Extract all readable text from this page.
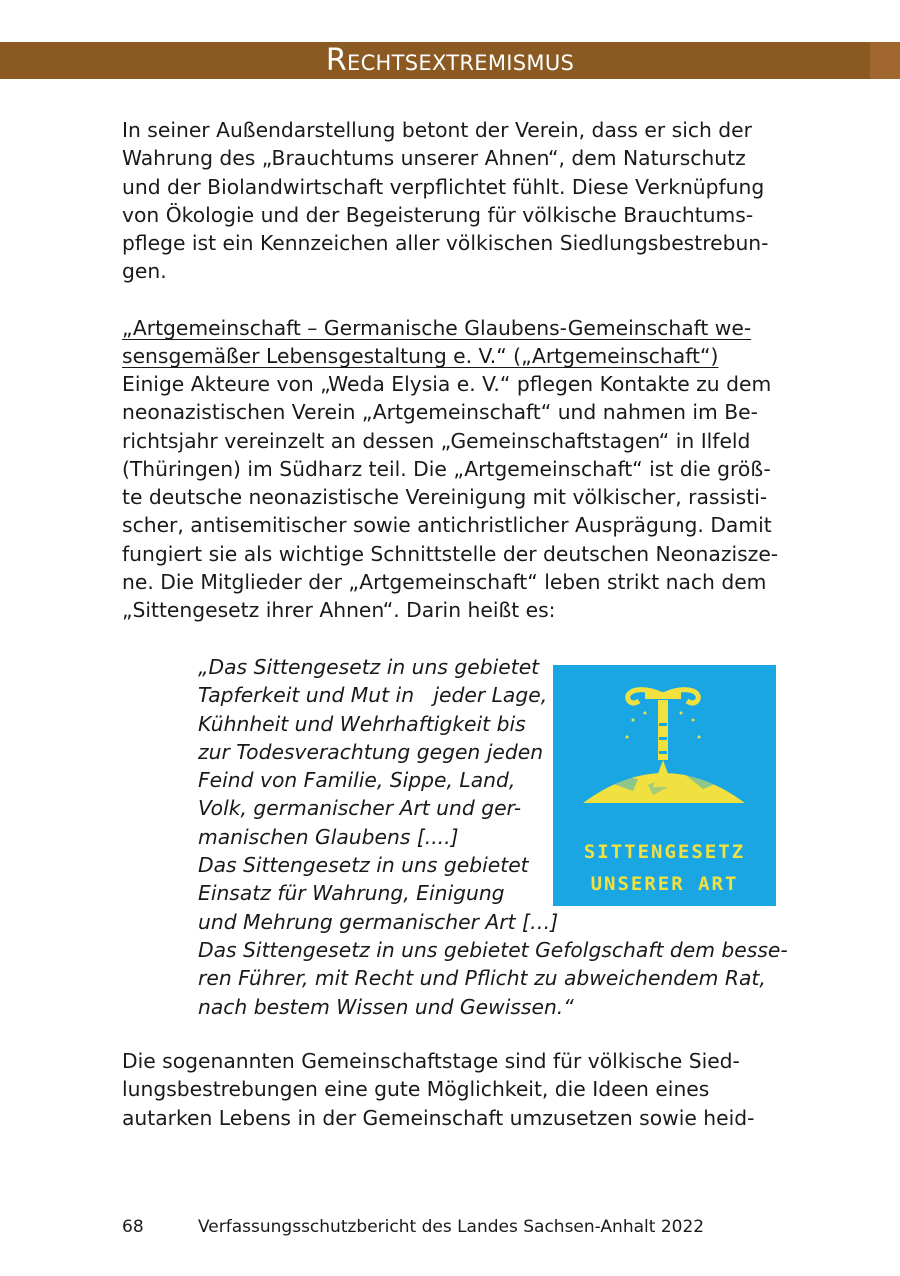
Rechtsextremismus
In seiner Außendarstellung betont der Verein, dass er sich der
Wahrung des „Brauchtums unserer Ahnen“, dem Naturschutz
und der Biolandwirtschaft verpflichtet fühlt. Diese Verknüpfung
von Ökologie und der Begeisterung für völkische Brauchtums-
pflege ist ein Kennzeichen aller völkischen Siedlungsbestrebun-
gen.
„Artgemeinschaft – Germanische Glaubens-Gemeinschaft we-
sensgemäßer Lebensgestaltung e. V.“ („Artgemeinschaft“)
Einige Akteure von „Weda Elysia e. V.“ pflegen Kontakte zu dem
neonazistischen Verein „Artgemeinschaft“ und nahmen im Be-
richtsjahr vereinzelt an dessen „Gemeinschaftstagen“ in Ilfeld
(Thüringen) im Südharz teil. Die „Artgemeinschaft“ ist die größ-
te deutsche neonazistische Vereinigung mit völkischer, rassisti-
scher, antisemitischer sowie antichristlicher Ausprägung. Damit
fungiert sie als wichtige Schnittstelle der deutschen Neonazisze-
ne. Die Mitglieder der „Artgemeinschaft“ leben strikt nach dem
„Sittengesetz ihrer Ahnen“. Darin heißt es:
„Das Sittengesetz in uns gebietet
Tapferkeit und Mut in   jeder Lage,
Kühnheit und Wehrhaftigkeit bis
zur Todesverachtung gegen jeden
Feind von Familie, Sippe, Land,
Volk, germanischer Art und ger-
manischen Glaubens [....]
Das Sittengesetz in uns gebietet
Einsatz für Wahrung, Einigung
und Mehrung germanischer Art […]
Das Sittengesetz in uns gebietet Gefolgschaft dem besse-
ren Führer, mit Recht und Pflicht zu abweichendem Rat,
nach bestem Wissen und Gewissen.“
SITTENGESETZ
UNSERER ART
Die sogenannten Gemeinschaftstage sind für völkische Sied-
lungsbestrebungen eine gute Möglichkeit, die Ideen eines
autarken Lebens in der Gemeinschaft umzusetzen sowie heid-
68	Verfassungsschutzbericht des Landes Sachsen-Anhalt 2022
